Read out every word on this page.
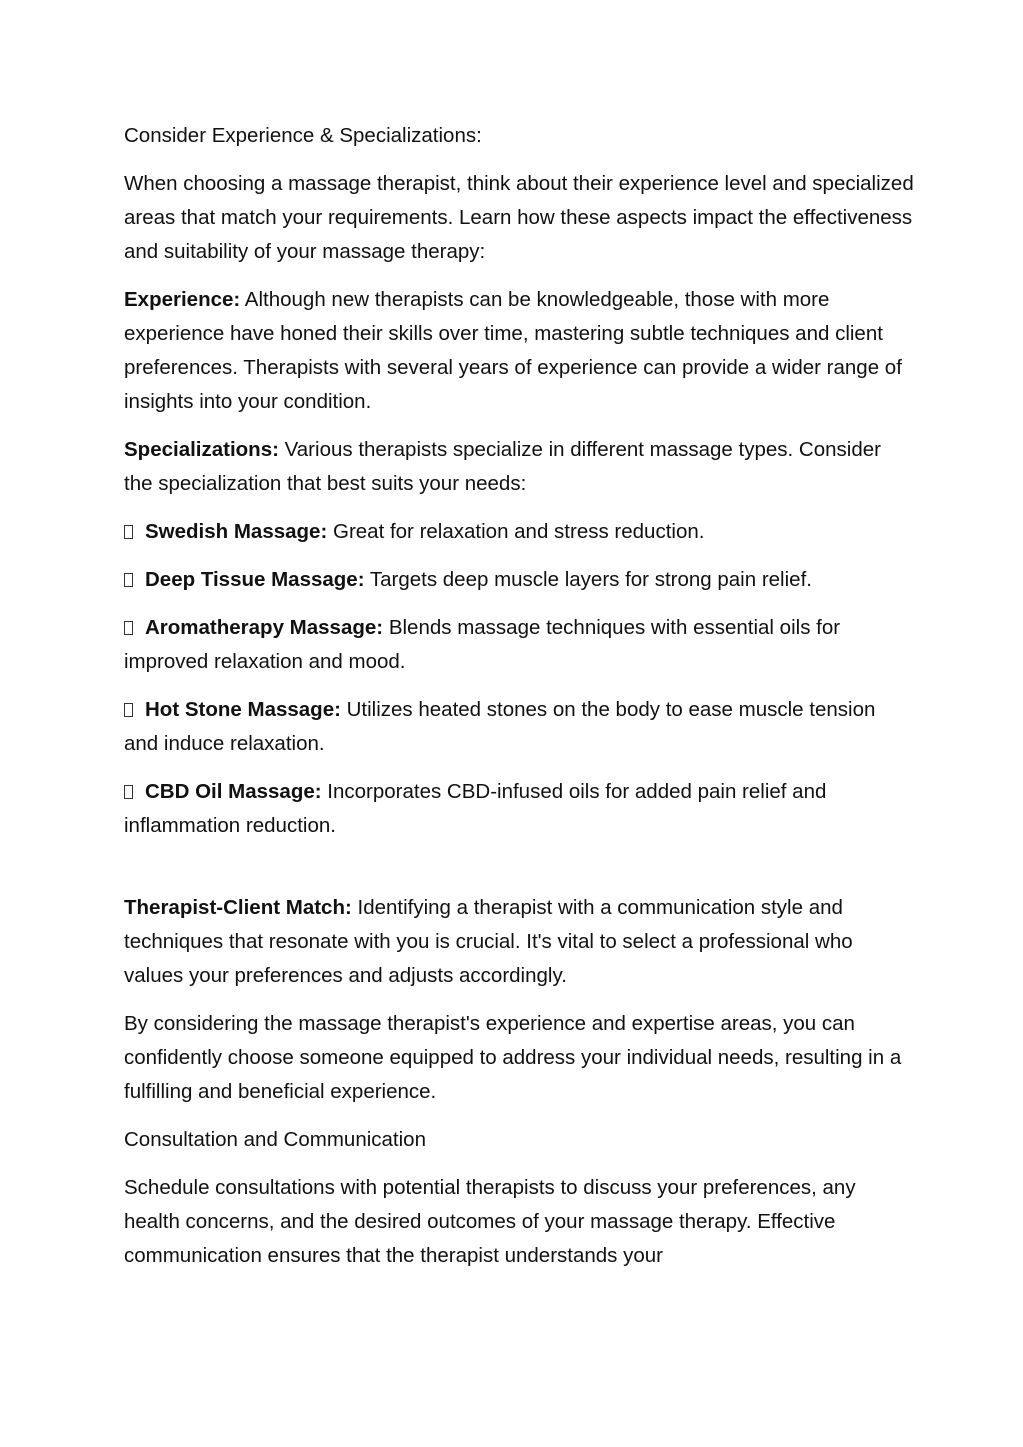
Consider Experience & Specializations:

When choosing a massage therapist, think about their experience level and specialized areas that match your requirements. Learn how these aspects impact the effectiveness and suitability of your massage therapy:

Experience: Although new therapists can be knowledgeable, those with more experience have honed their skills over time, mastering subtle techniques and client preferences. Therapists with several years of experience can provide a wider range of insights into your condition.

Specializations: Various therapists specialize in different massage types. Consider the specialization that best suits your needs:

Swedish Massage: Great for relaxation and stress reduction.

Deep Tissue Massage: Targets deep muscle layers for strong pain relief.

Aromatherapy Massage: Blends massage techniques with essential oils for improved relaxation and mood.

Hot Stone Massage: Utilizes heated stones on the body to ease muscle tension and induce relaxation.

CBD Oil Massage: Incorporates CBD-infused oils for added pain relief and inflammation reduction.

Therapist-Client Match: Identifying a therapist with a communication style and techniques that resonate with you is crucial. It's vital to select a professional who values your preferences and adjusts accordingly.

By considering the massage therapist's experience and expertise areas, you can confidently choose someone equipped to address your individual needs, resulting in a fulfilling and beneficial experience.

Consultation and Communication

Schedule consultations with potential therapists to discuss your preferences, any health concerns, and the desired outcomes of your massage therapy. Effective communication ensures that the therapist understands your
